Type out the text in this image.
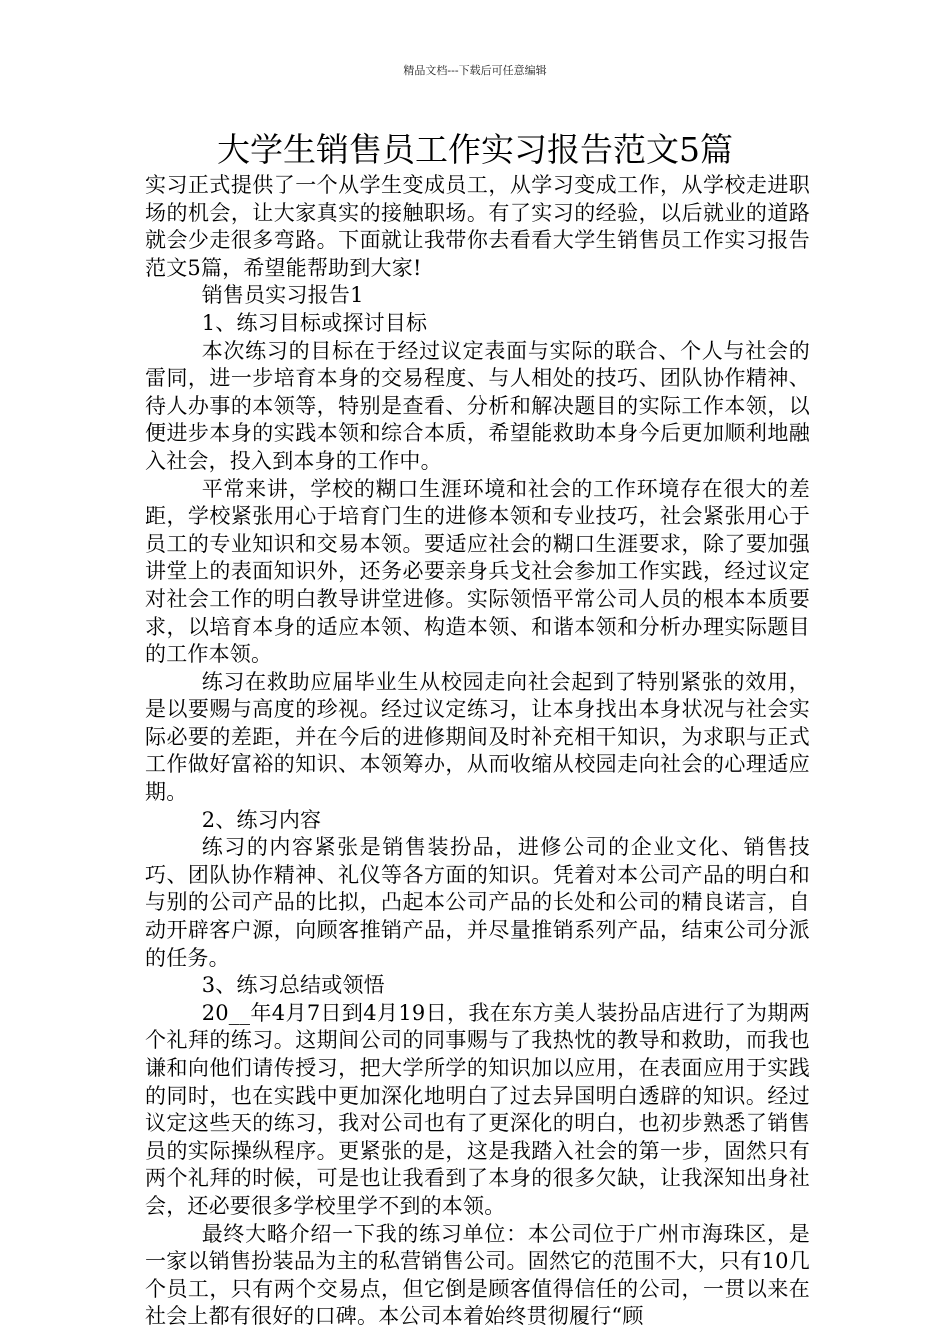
精品文档---下载后可任意编辑
大学生销售员工作实习报告范文5篇

实习正式提供了一个从学生变成员工，从学习变成工作，从学校走进职场的机会，让大家真实的接触职场。有了实习的经验，以后就业的道路就会少走很多弯路。下面就让我带你去看看大学生销售员工作实习报告范文5篇，希望能帮助到大家!

销售员实习报告1

1、练习目标或探讨目标

本次练习的目标在于经过议定表面与实际的联合、个人与社会的雷同，进一步培育本身的交易程度、与人相处的技巧、团队协作精神、待人办事的本领等，特别是查看、分析和解决题目的实际工作本领，以便进步本身的实践本领和综合本质，希望能救助本身今后更加顺利地融入社会，投入到本身的工作中。

平常来讲，学校的糊口生涯环境和社会的工作环境存在很大的差距，学校紧张用心于培育门生的进修本领和专业技巧，社会紧张用心于员工的专业知识和交易本领。要适应社会的糊口生涯要求，除了要加强讲堂上的表面知识外，还务必要亲身兵戈社会参加工作实践，经过议定对社会工作的明白教导讲堂进修。实际领悟平常公司人员的根本本质要求，以培育本身的适应本领、构造本领、和谐本领和分析办理实际题目的工作本领。

练习在救助应届毕业生从校园走向社会起到了特别紧张的效用，是以要赐与高度的珍视。经过议定练习，让本身找出本身状况与社会实际必要的差距，并在今后的进修期间及时补充相干知识，为求职与正式工作做好富裕的知识、本领筹办，从而收缩从校园走向社会的心理适应期。

2、练习内容

练习的内容紧张是销售装扮品，进修公司的企业文化、销售技巧、团队协作精神、礼仪等各方面的知识。凭着对本公司产品的明白和与别的公司产品的比拟，凸起本公司产品的长处和公司的精良诺言，自动开辟客户源，向顾客推销产品，并尽量推销系列产品，结束公司分派的任务。

3、练习总结或领悟

20__年4月7日到4月19日，我在东方美人装扮品店进行了为期两个礼拜的练习。这期间公司的同事赐与了我热忱的教导和救助，而我也谦和向他们请传授习，把大学所学的知识加以应用，在表面应用于实践的同时，也在实践中更加深化地明白了过去异国明白透辟的知识。经过议定这些天的练习，我对公司也有了更深化的明白，也初步熟悉了销售员的实际操纵程序。更紧张的是，这是我踏入社会的第一步，固然只有两个礼拜的时候，可是也让我看到了本身的很多欠缺，让我深知出身社会，还必要很多学校里学不到的本领。

最终大略介绍一下我的练习单位：本公司位于广州市海珠区，是一家以销售扮装品为主的私营销售公司。固然它的范围不大，只有10几个员工，只有两个交易点，但它倒是顾客值得信任的公司，一贯以来在社会上都有很好的口碑。本公司本着始终贯彻履行“顾
